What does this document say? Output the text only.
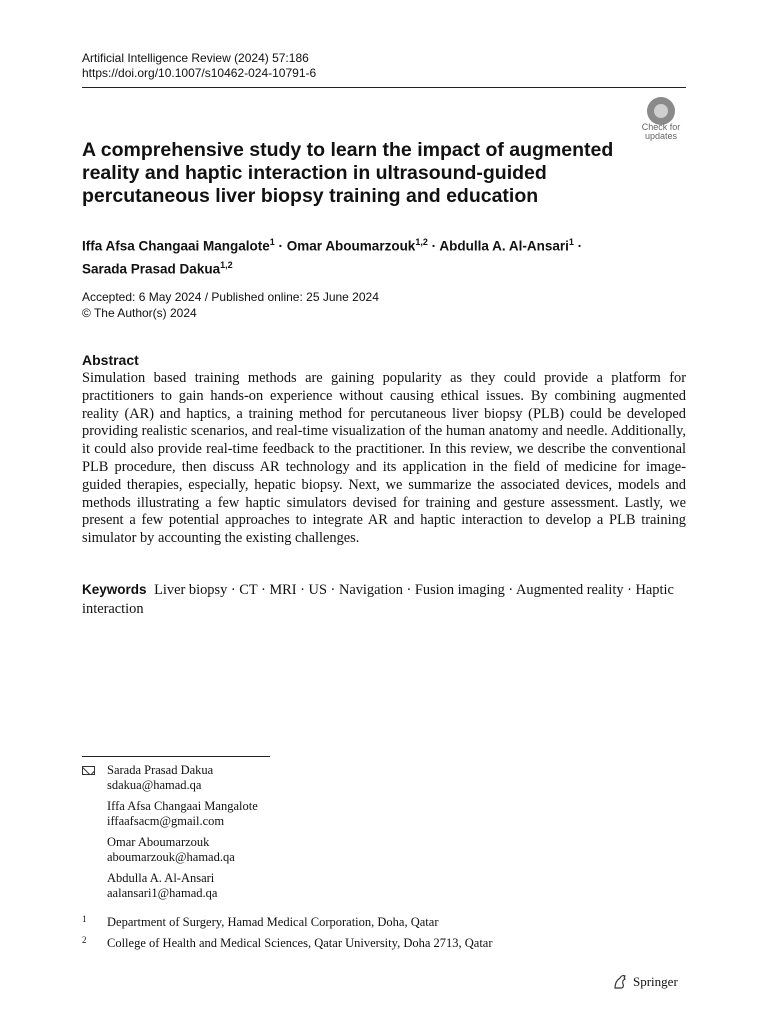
Artificial Intelligence Review (2024) 57:186
https://doi.org/10.1007/s10462-024-10791-6
Check for
updates
A comprehensive study to learn the impact of augmented reality and haptic interaction in ultrasound-guided percutaneous liver biopsy training and education
Iffa Afsa Changaai Mangalote$^1$ · Omar Aboumarzouk$^{1,2}$ · Abdulla A. Al-Ansari$^1$ ·
Sarada Prasad Dakua$^{1,2}$
Accepted: 6 May 2024 / Published online: 25 June 2024
© The Author(s) 2024
Abstract

Simulation based training methods are gaining popularity as they could provide a platform for practitioners to gain hands-on experience without causing ethical issues. By combining augmented reality (AR) and haptics, a training method for percutaneous liver biopsy (PLB) could be developed providing realistic scenarios, and real-time visualization of the human anatomy and needle. Additionally, it could also provide real-time feedback to the practitioner. In this review, we describe the conventional PLB procedure, then discuss AR technology and its application in the field of medicine for image-guided therapies, especially, hepatic biopsy. Next, we summarize the associated devices, models and methods illustrating a few haptic simulators devised for training and gesture assessment. Lastly, we present a few potential approaches to integrate AR and haptic interaction to develop a PLB training simulator by accounting the existing challenges.

Keywords Liver biopsy · CT · MRI · US · Navigation · Fusion imaging · Augmented reality · Haptic interaction
Sarada Prasad Dakua
sdakua@hamad.qa
Iffa Afsa Changaai Mangalote
iffaafsacm@gmail.com
Omar Aboumarzouk
aboumarzouk@hamad.qa
Abdulla A. Al-Ansari
aalansari1@hamad.qa
1 Department of Surgery, Hamad Medical Corporation, Doha, Qatar
2 College of Health and Medical Sciences, Qatar University, Doha 2713, Qatar
Springer
